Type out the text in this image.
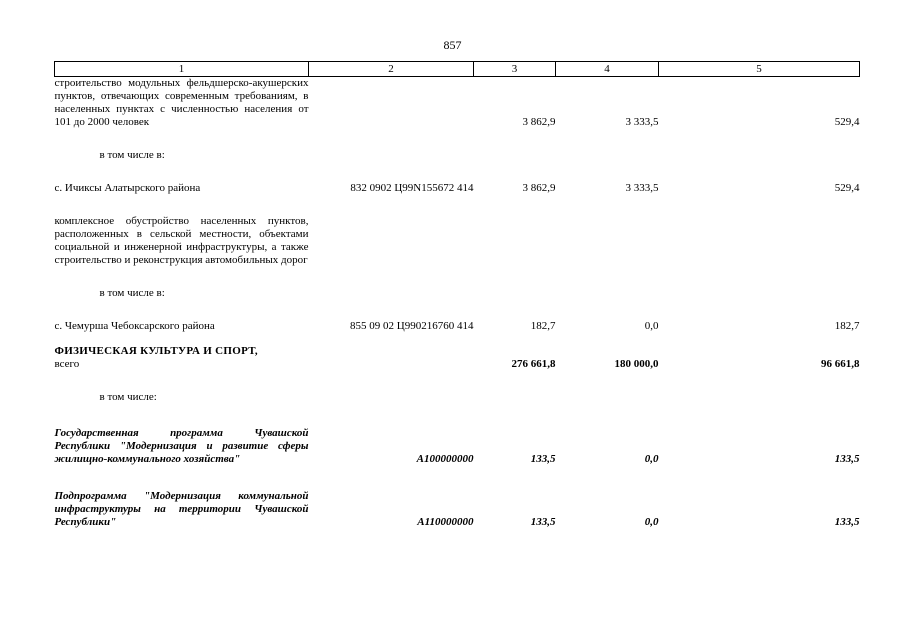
857
1	2	3	4	5
строительство модульных фельдшерско-акушерских пунктов, отвечающих современным требованиям, в населенных пунктах с численностью населения от 101 до 2000 человек		3 862,9	3 333,5	529,4

в том числе в:				

с. Ичиксы Алатырского района	832 0902 Ц99N155672 414	3 862,9	3 333,5	529,4

комплексное обустройство населенных пунктов, расположенных в сельской местности, объектами социальной и инженерной инфраструктуры, а также строительство и реконструкция автомобильных дорог				

в том числе в:				

с. Чемурша Чебоксарского района	855 09 02 Ц990216760 414	182,7	0,0	182,7

ФИЗИЧЕСКАЯ КУЛЬТУРА И СПОРТ,
всего		276 661,8	180 000,0	96 661,8

в том числе:				

Государственная программа Чувашской Республики "Модернизация и развитие сферы жилищно-коммунального хозяйства"	А100000000	133,5	0,0	133,5

Подпрограмма "Модернизация коммунальной инфраструктуры на территории Чувашской Республики"	А110000000	133,5	0,0	133,5
